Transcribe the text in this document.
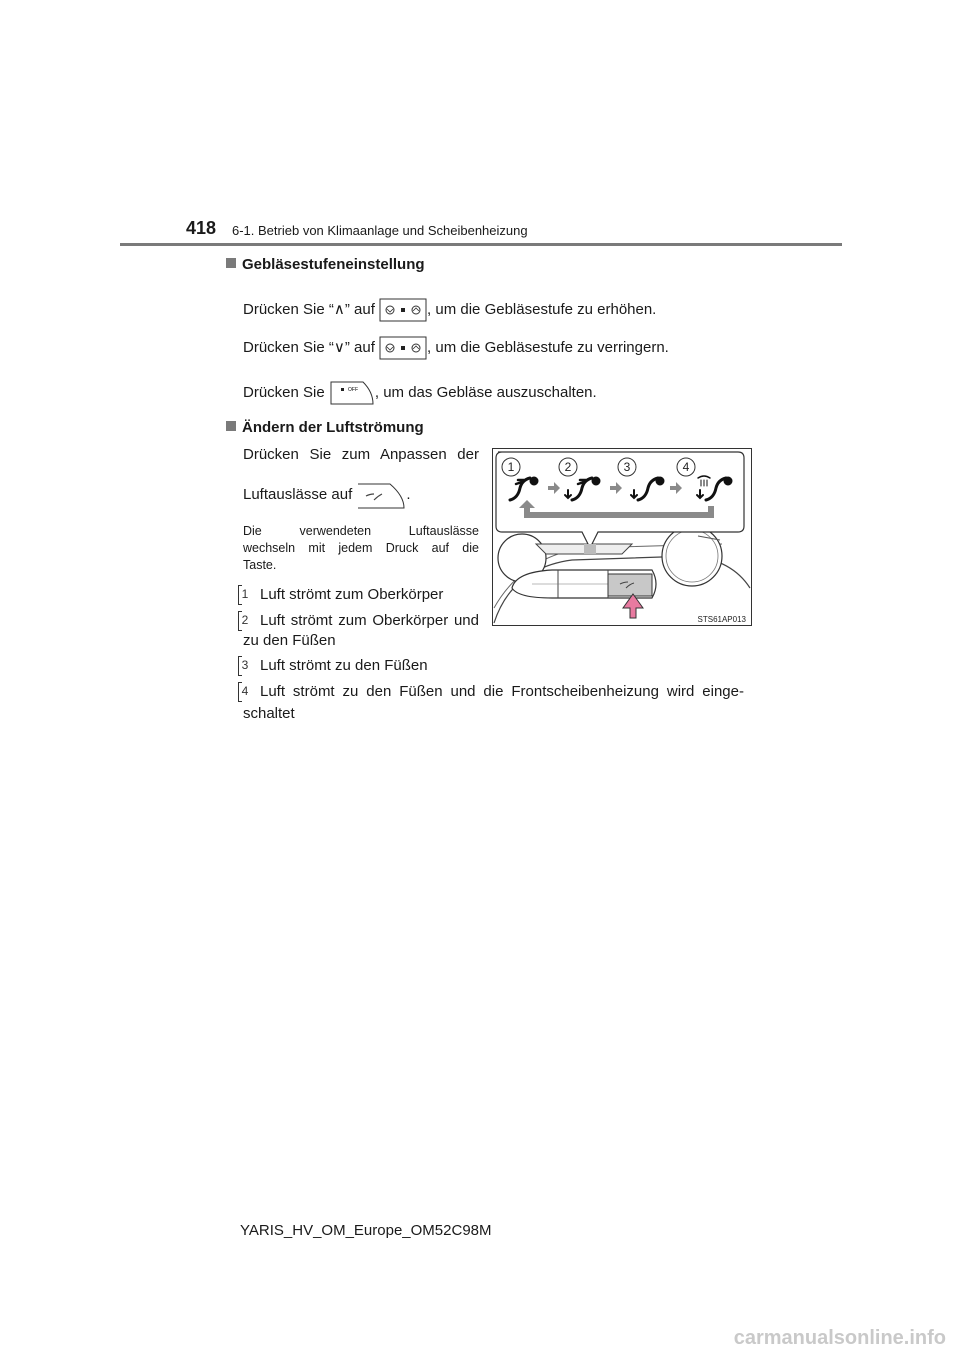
418 6-1. Betrieb von Klimaanlage und Scheibenheizung
Gebläsestufeneinstellung
Drücken Sie “∧” auf	, um die Gebläsestufe zu erhöhen.
Drücken Sie “∨” auf	, um die Gebläsestufe zu verringern.
Drücken Sie	OFF , um das Gebläse auszuschalten.
Ändern der Luftströmung
Drücken Sie zum Anpassen der
Luftauslässe auf	.
Die verwendeten Luftauslässe
wechseln mit jedem Druck auf die
Taste.
1 Luft strömt zum Oberkörper
2 Luft strömt zum Oberkörper und
zu den Füßen
3 Luft strömt zu den Füßen
4 Luft strömt zu den Füßen und die Frontscheibenheizung wird einge-
schaltet
1	2	3	4
STS61AP013
YARIS_HV_OM_Europe_OM52C98M
carmanualsonline.info
